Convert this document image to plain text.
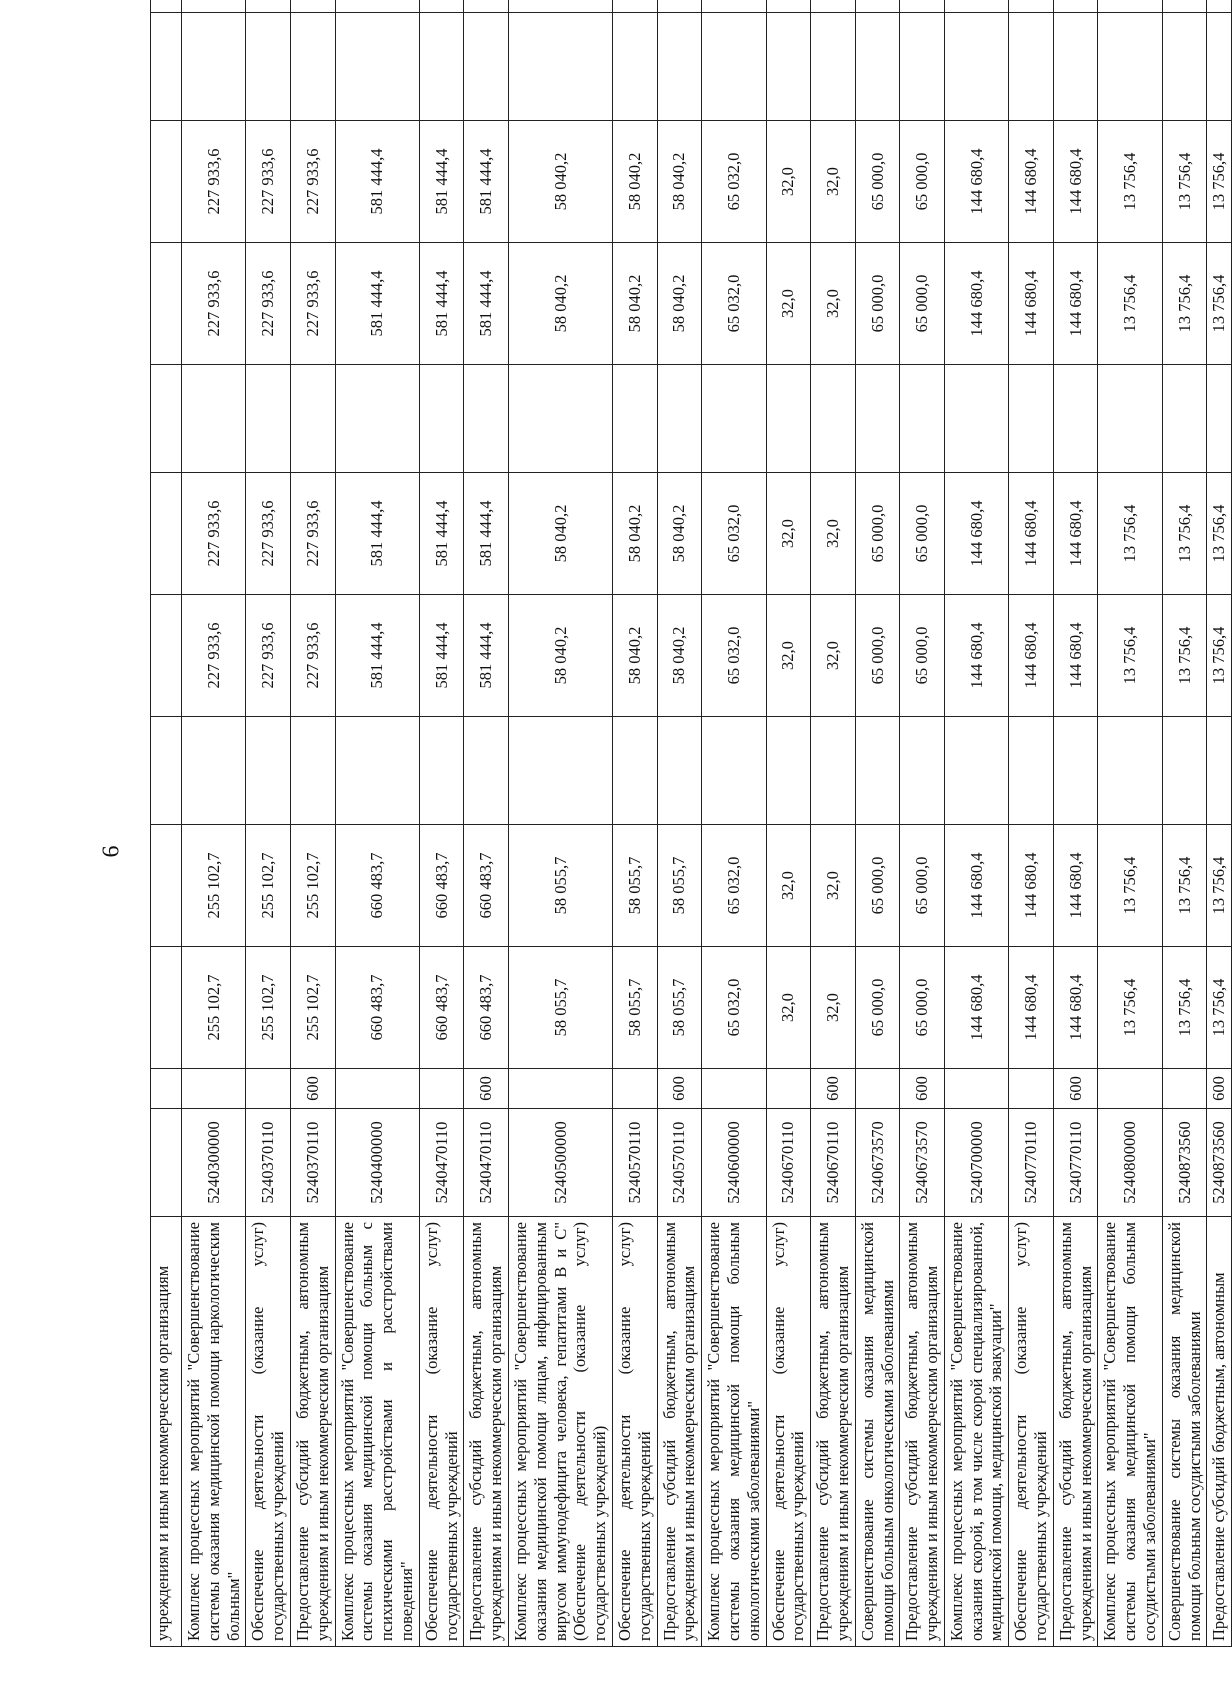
6
учреждениям и иным некоммерческим организациям												
Комплекс процессных мероприятий "Совершенствование системы оказания медицинской помощи наркологическим больным"	5240300000		255 102,7	255 102,7		227 933,6	227 933,6		227 933,6	227 933,6		
Обеспечение деятельности (оказание услуг) государственных учреждений	5240370110		255 102,7	255 102,7		227 933,6	227 933,6		227 933,6	227 933,6		
Предоставление субсидий бюджетным, автономным учреждениям и иным некоммерческим организациям	5240370110	600	255 102,7	255 102,7		227 933,6	227 933,6		227 933,6	227 933,6		
Комплекс процессных мероприятий "Совершенствование системы оказания медицинской помощи больным с психическими расстройствами и расстройствами поведения"	5240400000		660 483,7	660 483,7		581 444,4	581 444,4		581 444,4	581 444,4		
Обеспечение деятельности (оказание услуг) государственных учреждений	5240470110		660 483,7	660 483,7		581 444,4	581 444,4		581 444,4	581 444,4		
Предоставление субсидий бюджетным, автономным учреждениям и иным некоммерческим организациям	5240470110	600	660 483,7	660 483,7		581 444,4	581 444,4		581 444,4	581 444,4		
Комплекс процессных мероприятий "Совершенствование оказания медицинской помощи лицам, инфицированным вирусом иммунодефицита человека, гепатитами В и С" (Обеспечение деятельности (оказание услуг) государственных учреждений)	5240500000		58 055,7	58 055,7		58 040,2	58 040,2		58 040,2	58 040,2		
Обеспечение деятельности (оказание услуг) государственных учреждений	5240570110		58 055,7	58 055,7		58 040,2	58 040,2		58 040,2	58 040,2		
Предоставление субсидий бюджетным, автономным учреждениям и иным некоммерческим организациям	5240570110	600	58 055,7	58 055,7		58 040,2	58 040,2		58 040,2	58 040,2		
Комплекс процессных мероприятий "Совершенствование системы оказания медицинской помощи больным онкологическими заболеваниями"	5240600000		65 032,0	65 032,0		65 032,0	65 032,0		65 032,0	65 032,0		
Обеспечение деятельности (оказание услуг) государственных учреждений	5240670110		32,0	32,0		32,0	32,0		32,0	32,0		
Предоставление субсидий бюджетным, автономным учреждениям и иным некоммерческим организациям	5240670110	600	32,0	32,0		32,0	32,0		32,0	32,0		
Совершенствование системы оказания медицинской помощи больным онкологическими заболеваниями	5240673570		65 000,0	65 000,0		65 000,0	65 000,0		65 000,0	65 000,0		
Предоставление субсидий бюджетным, автономным учреждениям и иным некоммерческим организациям	5240673570	600	65 000,0	65 000,0		65 000,0	65 000,0		65 000,0	65 000,0		
Комплекс процессных мероприятий "Совершенствование оказания скорой, в том числе скорой специализированной, медицинской помощи, медицинской эвакуации"	5240700000		144 680,4	144 680,4		144 680,4	144 680,4		144 680,4	144 680,4		
Обеспечение деятельности (оказание услуг) государственных учреждений	5240770110		144 680,4	144 680,4		144 680,4	144 680,4		144 680,4	144 680,4		
Предоставление субсидий бюджетным, автономным учреждениям и иным некоммерческим организациям	5240770110	600	144 680,4	144 680,4		144 680,4	144 680,4		144 680,4	144 680,4		
Комплекс процессных мероприятий "Совершенствование системы оказания медицинской помощи больным сосудистыми заболеваниями"	5240800000		13 756,4	13 756,4		13 756,4	13 756,4		13 756,4	13 756,4		
Совершенствование системы оказания медицинской помощи больным сосудистыми заболеваниями	5240873560		13 756,4	13 756,4		13 756,4	13 756,4		13 756,4	13 756,4		
Предоставление субсидий бюджетным, автономным	5240873560	600	13 756,4	13 756,4		13 756,4	13 756,4		13 756,4	13 756,4		
